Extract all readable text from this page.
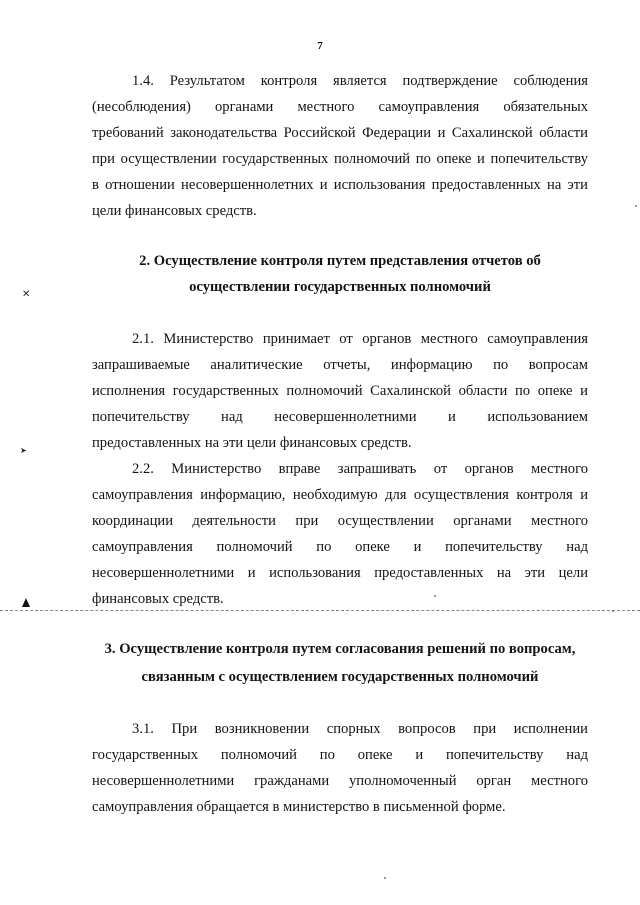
7
1.4. Результатом контроля является подтверждение соблюдения
(несоблюдения) органами местного самоуправления обязательных
требований законодательства Российской Федерации и Сахалинской области
при осуществлении государственных полномочий по опеке и попечительству
в отношении несовершеннолетних и использования предоставленных на эти
цели финансовых средств.
2. Осуществление контроля путем представления отчетов об
осуществлении государственных полномочий
2.1. Министерство принимает от органов местного самоуправления
запрашиваемые аналитические отчеты, информацию по вопросам
исполнения государственных полномочий Сахалинской области по опеке и
попечительству над несовершеннолетними и использованием
предоставленных на эти цели финансовых средств.
2.2. Министерство вправе запрашивать от органов местного
самоуправления информацию, необходимую для осуществления контроля и
координации деятельности при осуществлении органами местного
самоуправления полномочий по опеке и попечительству над
несовершеннолетними и использования предоставленных на эти цели
финансовых средств.
3. Осуществление контроля путем согласования решений по вопросам,
связанным с осуществлением государственных полномочий
3.1. При возникновении спорных вопросов при исполнении
государственных полномочий по опеке и попечительству над
несовершеннолетними гражданами уполномоченный орган местного
самоуправления обращается в министерство в письменной форме.
✕
➤
